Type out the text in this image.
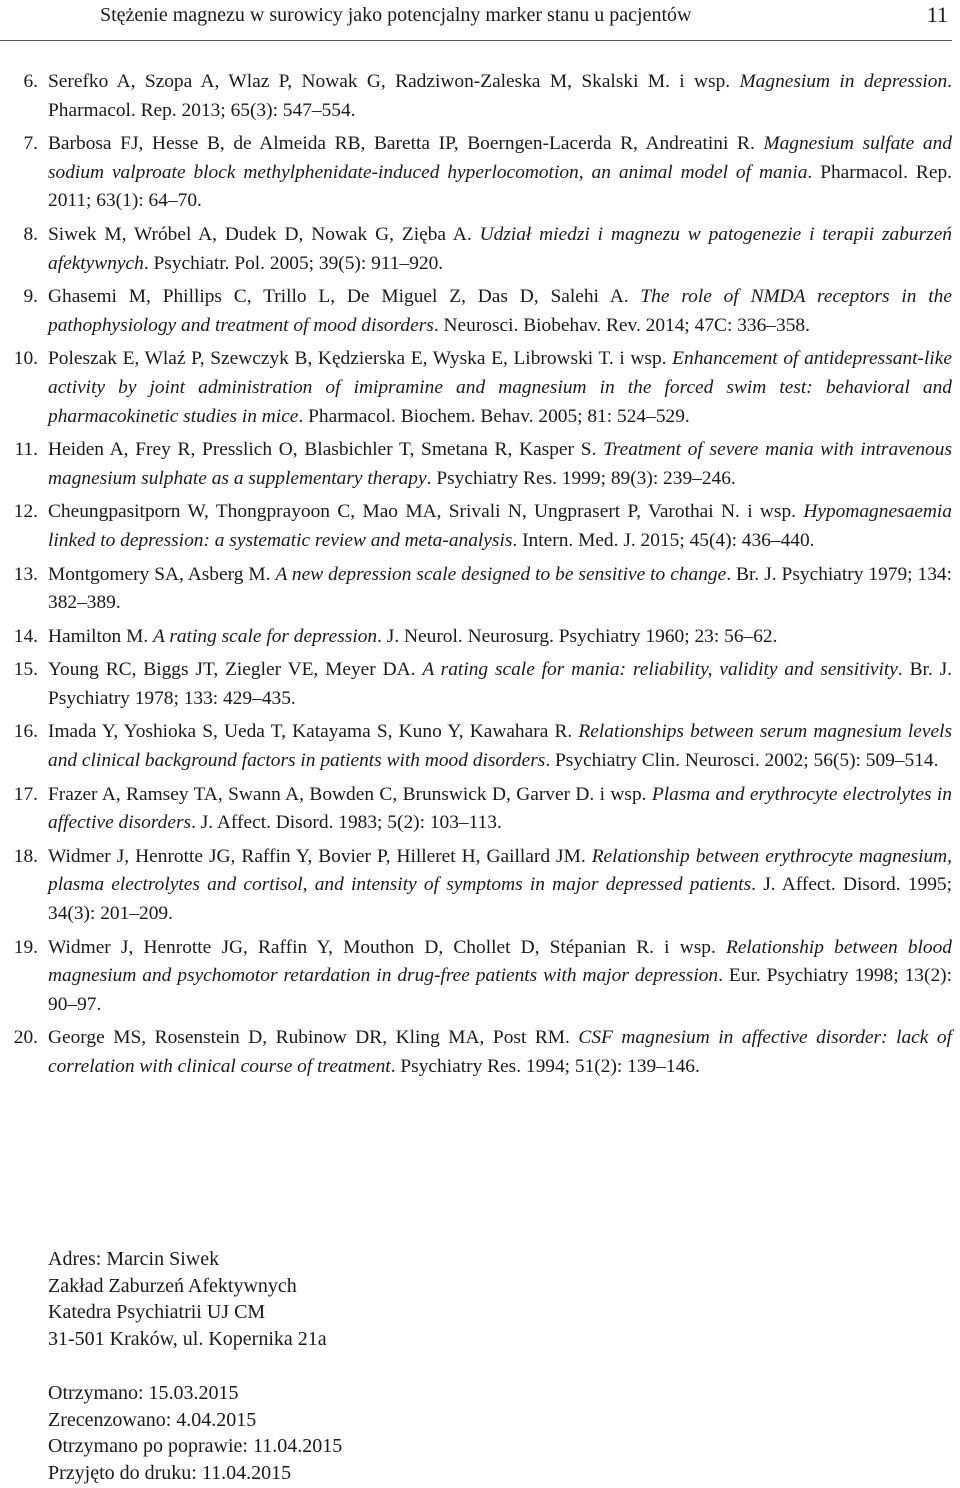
Stężenie magnezu w surowicy jako potencjalny marker stanu u pacjentów	11
6. Serefko A, Szopa A, Wlaz P, Nowak G, Radziwon-Zaleska M, Skalski M. i wsp. Magnesium in depression. Pharmacol. Rep. 2013; 65(3): 547–554.
7. Barbosa FJ, Hesse B, de Almeida RB, Baretta IP, Boerngen-Lacerda R, Andreatini R. Magnesium sulfate and sodium valproate block methylphenidate-induced hyperlocomotion, an animal model of mania. Pharmacol. Rep. 2011; 63(1): 64–70.
8. Siwek M, Wróbel A, Dudek D, Nowak G, Zięba A. Udział miedzi i magnezu w patogenezie i terapii zaburzeń afektywnych. Psychiatr. Pol. 2005; 39(5): 911–920.
9. Ghasemi M, Phillips C, Trillo L, De Miguel Z, Das D, Salehi A. The role of NMDA receptors in the pathophysiology and treatment of mood disorders. Neurosci. Biobehav. Rev. 2014; 47C: 336–358.
10. Poleszak E, Wlaź P, Szewczyk B, Kędzierska E, Wyska E, Librowski T. i wsp. Enhancement of antidepressant-like activity by joint administration of imipramine and magnesium in the forced swim test: behavioral and pharmacokinetic studies in mice. Pharmacol. Biochem. Behav. 2005; 81: 524–529.
11. Heiden A, Frey R, Presslich O, Blasbichler T, Smetana R, Kasper S. Treatment of severe mania with intravenous magnesium sulphate as a supplementary therapy. Psychiatry Res. 1999; 89(3): 239–246.
12. Cheungpasitporn W, Thongprayoon C, Mao MA, Srivali N, Ungprasert P, Varothai N. i wsp. Hypomagnesaemia linked to depression: a systematic review and meta-analysis. Intern. Med. J. 2015; 45(4): 436–440.
13. Montgomery SA, Asberg M. A new depression scale designed to be sensitive to change. Br. J. Psychiatry 1979; 134: 382–389.
14. Hamilton M. A rating scale for depression. J. Neurol. Neurosurg. Psychiatry 1960; 23: 56–62.
15. Young RC, Biggs JT, Ziegler VE, Meyer DA. A rating scale for mania: reliability, validity and sensitivity. Br. J. Psychiatry 1978; 133: 429–435.
16. Imada Y, Yoshioka S, Ueda T, Katayama S, Kuno Y, Kawahara R. Relationships between serum magnesium levels and clinical background factors in patients with mood disorders. Psychiatry Clin. Neurosci. 2002; 56(5): 509–514.
17. Frazer A, Ramsey TA, Swann A, Bowden C, Brunswick D, Garver D. i wsp. Plasma and erythrocyte electrolytes in affective disorders. J. Affect. Disord. 1983; 5(2): 103–113.
18. Widmer J, Henrotte JG, Raffin Y, Bovier P, Hilleret H, Gaillard JM. Relationship between erythrocyte magnesium, plasma electrolytes and cortisol, and intensity of symptoms in major depressed patients. J. Affect. Disord. 1995; 34(3): 201–209.
19. Widmer J, Henrotte JG, Raffin Y, Mouthon D, Chollet D, Stépanian R. i wsp. Relationship between blood magnesium and psychomotor retardation in drug-free patients with major depression. Eur. Psychiatry 1998; 13(2): 90–97.
20. George MS, Rosenstein D, Rubinow DR, Kling MA, Post RM. CSF magnesium in affective disorder: lack of correlation with clinical course of treatment. Psychiatry Res. 1994; 51(2): 139–146.
Adres: Marcin Siwek
Zakład Zaburzeń Afektywnych
Katedra Psychiatrii UJ CM
31-501 Kraków, ul. Kopernika 21a
Otrzymano: 15.03.2015
Zrecenzowano: 4.04.2015
Otrzymano po poprawie: 11.04.2015
Przyjęto do druku: 11.04.2015
